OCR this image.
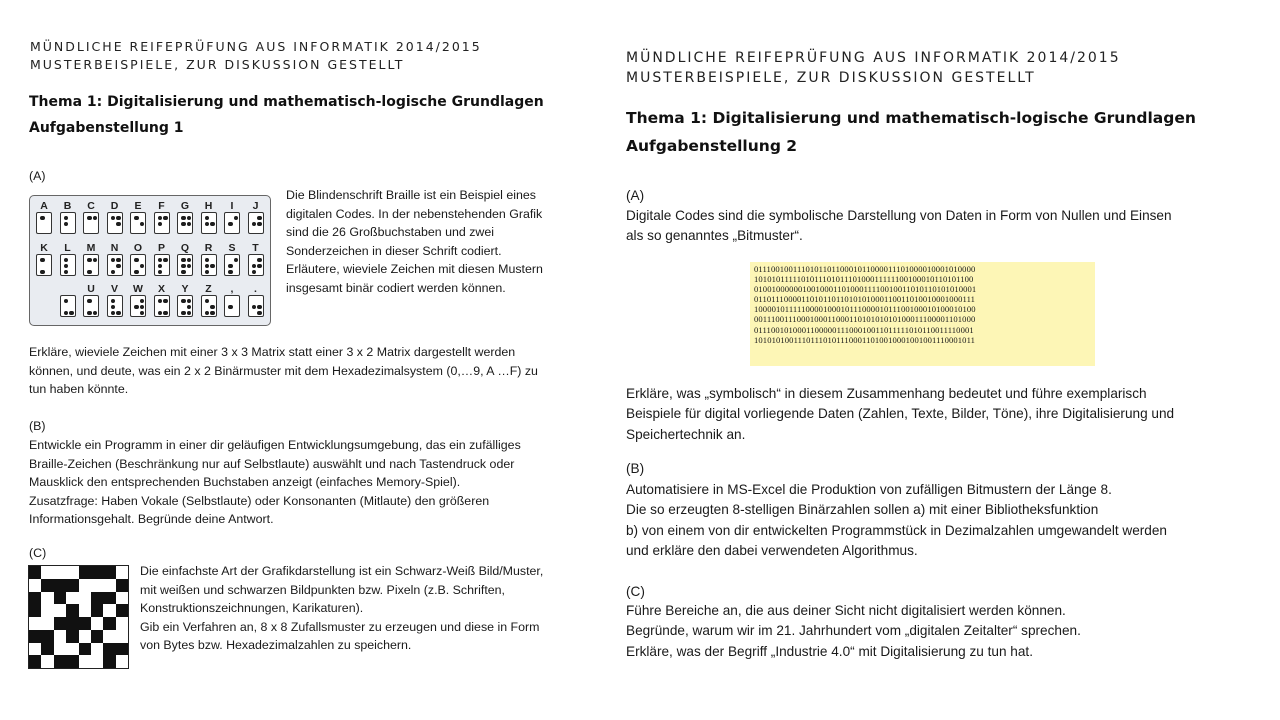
MÜNDLICHE REIFEPRÜFUNG AUS INFORMATIK 2014/2015
MUSTERBEISPIELE, ZUR DISKUSSION GESTELLT
Thema 1: Digitalisierung und mathematisch-logische Grundlagen
Aufgabenstellung 1
(A)
A	B	C	D	E	F	G	H	I	J
K	L	M	N	O	P	Q	R	S	T
U	V	W	X	Y	Z	,	.
Die Blindenschrift Braille ist ein Beispiel eines
digitalen Codes. In der nebenstehenden Grafik
sind die 26 Großbuchstaben und zwei
Sonderzeichen in dieser Schrift codiert.
Erläutere, wieviele Zeichen mit diesen Mustern
insgesamt binär codiert werden können.
Erkläre, wieviele Zeichen mit einer 3 x 3 Matrix statt einer 3 x 2 Matrix dargestellt werden
können, und deute, was ein 2 x 2 Binärmuster mit dem Hexadezimalsystem (0,…9, A …F) zu
tun haben könnte.
(B)
Entwickle ein Programm in einer dir geläufigen Entwicklungsumgebung, das ein zufälliges
Braille-Zeichen (Beschränkung nur auf Selbstlaute) auswählt und nach Tastendruck oder
Mausklick den entsprechenden Buchstaben anzeigt (einfaches Memory-Spiel).
Zusatzfrage: Haben Vokale (Selbstlaute) oder Konsonanten (Mitlaute) den größeren
Informationsgehalt. Begründe deine Antwort.
(C)
Die einfachste Art der Grafikdarstellung ist ein Schwarz-Weiß Bild/Muster,
mit weißen und schwarzen Bildpunkten bzw. Pixeln (z.B. Schriften,
Konstruktionszeichnungen, Karikaturen).
Gib ein Verfahren an, 8 x 8 Zufallsmuster zu erzeugen und diese in Form
von Bytes bzw. Hexadezimalzahlen zu speichern.
MÜNDLICHE REIFEPRÜFUNG AUS INFORMATIK 2014/2015
MUSTERBEISPIELE, ZUR DISKUSSION GESTELLT
Thema 1: Digitalisierung und mathematisch-logische Grundlagen
Aufgabenstellung 2
(A)
Digitale Codes sind die symbolische Darstellung von Daten in Form von Nullen und Einsen
als so genanntes „Bitmuster“.
011100100111010110110001011000011101000010001010000
101010111110101110101110100011111100100010110101100
010010000001001000110100011110010011010110101010001
011011100001101011011010101000110011010010001000111
100001011111000010001011100001011100100010100010100
001110011100010001100011010101010100011100001101000
011100101000110000011100010011011111010110011110001
101010100111011101011100011010010001001001110001011
Erkläre, was „symbolisch“ in diesem Zusammenhang bedeutet und führe exemplarisch
Beispiele für digital vorliegende Daten (Zahlen, Texte, Bilder, Töne), ihre Digitalisierung und
Speichertechnik an.
(B)
Automatisiere in MS-Excel die Produktion von zufälligen Bitmustern der Länge 8.
Die so erzeugten 8-stelligen Binärzahlen sollen a) mit einer Bibliotheksfunktion
b) von einem von dir entwickelten Programmstück in Dezimalzahlen umgewandelt werden
und erkläre den dabei verwendeten Algorithmus.
(C)
Führe Bereiche an, die aus deiner Sicht nicht digitalisiert werden können.
Begründe, warum wir im 21. Jahrhundert vom „digitalen Zeitalter“ sprechen.
Erkläre, was der Begriff „Industrie 4.0“ mit Digitalisierung zu tun hat.
